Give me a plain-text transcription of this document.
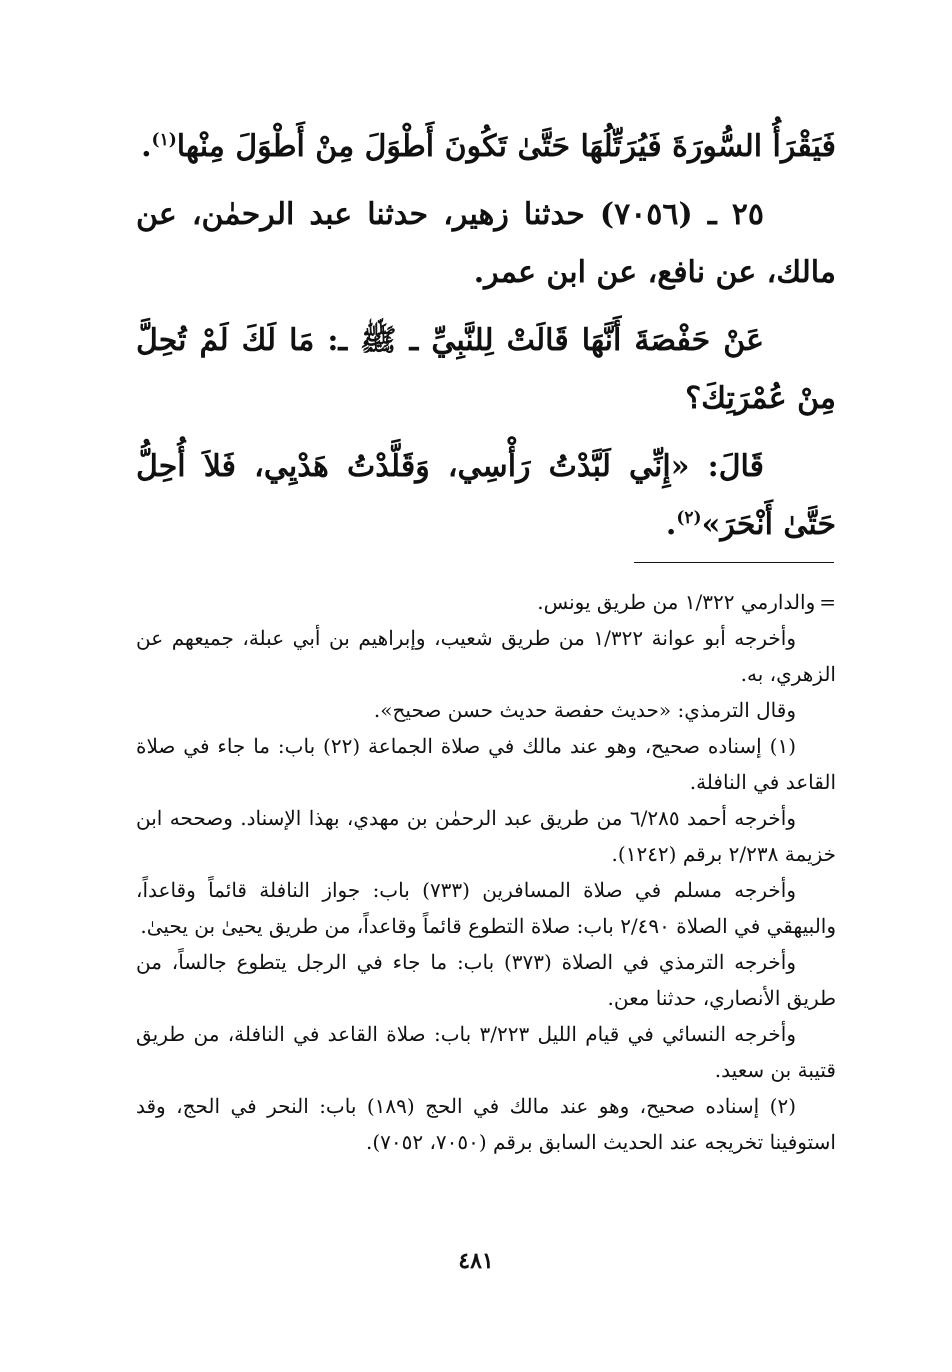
فَيَقْرَأُ السُّورَةَ فَيُرَتِّلُهَا حَتَّىٰ تَكُونَ أَطْوَلَ مِنْ أَطْوَلَ مِنْها$^{(١)}$.

٢٥ ـ (٧٠٥٦) حدثنا زهير، حدثنا عبد الرحمٰن، عن مالك، عن نافع، عن ابن عمر.

عَنْ حَفْصَةَ أَنَّهَا قَالَتْ لِلنَّبِيِّ ـ ﷺ ـ: مَا لَكَ لَمْ تُحِلَّ مِنْ عُمْرَتِكَ؟

قَالَ: «إِنِّي لَبَّدْتُ رَأْسِي، وَقَلَّدْتُ هَدْيِي، فَلاَ أُحِلُّ حَتَّىٰ أَنْحَرَ»$^{(٢)}$.

=والدارمي ١/٣٢٢ من طريق يونس.

وأخرجه أبو عوانة ١/٣٢٢ من طريق شعيب، وإبراهيم بن أبي عبلة، جميعهم عن الزهري، به.

وقال الترمذي: «حديث حفصة حديث حسن صحيح».

(١) إسناده صحيح، وهو عند مالك في صلاة الجماعة (٢٢) باب: ما جاء في صلاة القاعد في النافلة.

وأخرجه أحمد ٦/٢٨٥ من طريق عبد الرحمٰن بن مهدي، بهذا الإسناد. وصححه ابن خزيمة ٢/٢٣٨ برقم (١٢٤٢).

وأخرجه مسلم في صلاة المسافرين (٧٣٣) باب: جواز النافلة قائماً وقاعداً، والبيهقي في الصلاة ٢/٤٩٠ باب: صلاة التطوع قائماً وقاعداً، من طريق يحيىٰ بن يحيىٰ.

وأخرجه الترمذي في الصلاة (٣٧٣) باب: ما جاء في الرجل يتطوع جالساً، من طريق الأنصاري، حدثنا معن.

وأخرجه النسائي في قيام الليل ٣/٢٢٣ باب: صلاة القاعد في النافلة، من طريق قتيبة بن سعيد.

(٢) إسناده صحيح، وهو عند مالك في الحج (١٨٩) باب: النحر في الحج، وقد استوفينا تخريجه عند الحديث السابق برقم (٧٠٥٠، ٧٠٥٢).

٤٨١
